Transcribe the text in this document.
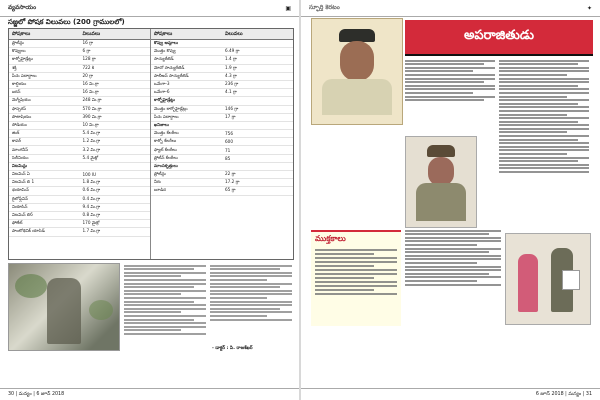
వ్యవసాయం	▣
సజ్జలో పోషక విలువలు (200 గ్రాములలో)
పోషకాలు	విలువలు
ప్రొటీన్లు	16 గ్రా
కొవ్వులు	6 గ్రా
కార్బోహైడ్రేట్లు	128 గ్రా
శక్తి	722 కి
పీచు పదార్థాలు	20 గ్రా
కాల్షియం	16 మి.గ్రా
ఐరన్	16 మి.గ్రా
మెగ్నీషియం	248 మి.గ్రా
ఫాస్పరస్	570 మి.గ్రా
పొటాషియం	390 మి.గ్రా
సోడియం	10 మి.గ్రా
జింక్	5.4 మి.గ్రా
కాపర్	1.2 మి.గ్రా
మాంగనీస్	3.2 మి.గ్రా
సెలీనియం	5.4 మైక్రో
విటమిన్లు
విటమిన్ ఏ	100 IU
విటమిన్ బి 1	1.8 మి.గ్రా
థయామిన్	0.6 మి.గ్రా
రైబోఫ్లేవిన్	0.4 మి.గ్రా
నియాసిన్	9.4 మి.గ్రా
విటమిన్ బి6	0.8 మి.గ్రా
ఫోలేట్	170 మైక్రో
పాంటోథెనిక్ యాసిడ్	1.7 మి.గ్రా
పోషకాలు	విలువలు
కొవ్వు ఆమ్లాలు
మొత్తం కొవ్వు	6.49 గ్రా
సాచ్యురేటెడ్	1.4 గ్రా
మోనో సాచ్యురేటెడ్	1.9 గ్రా
పాలీఅన్ సాచ్యురేటెడ్	4.3 గ్రా
ఒమేగా-3	236 గ్రా
ఒమేగా-6	4.1 గ్రా
కార్బోహైడ్రేట్లు
మొత్తం కార్బోహైడ్రేట్లు	146 గ్రా
పీచు పదార్థాలు	17 గ్రా
ఖనిజాలు
మొత్తం కేలరీలు	756
కార్బో కేలరీలు	600
ఫ్యాట్ కేలరీలు	71
ప్రోటీన్ కేలరీలు	85
మాంసకృత్తులు
ప్రోటీన్లు	22 గ్రా
నీరు	17.2 గ్రా
బూడిద	65 గ్రా
- డాక్టర్ : పి. రాజశేఖర్
30 | మన్యం | 6 జూన్ 2018
స్ఫూర్తి కెరటం	✦
అపరాజితుడు
ముక్తకాలు
6 జూన్ 2018 | మన్యం | 31
